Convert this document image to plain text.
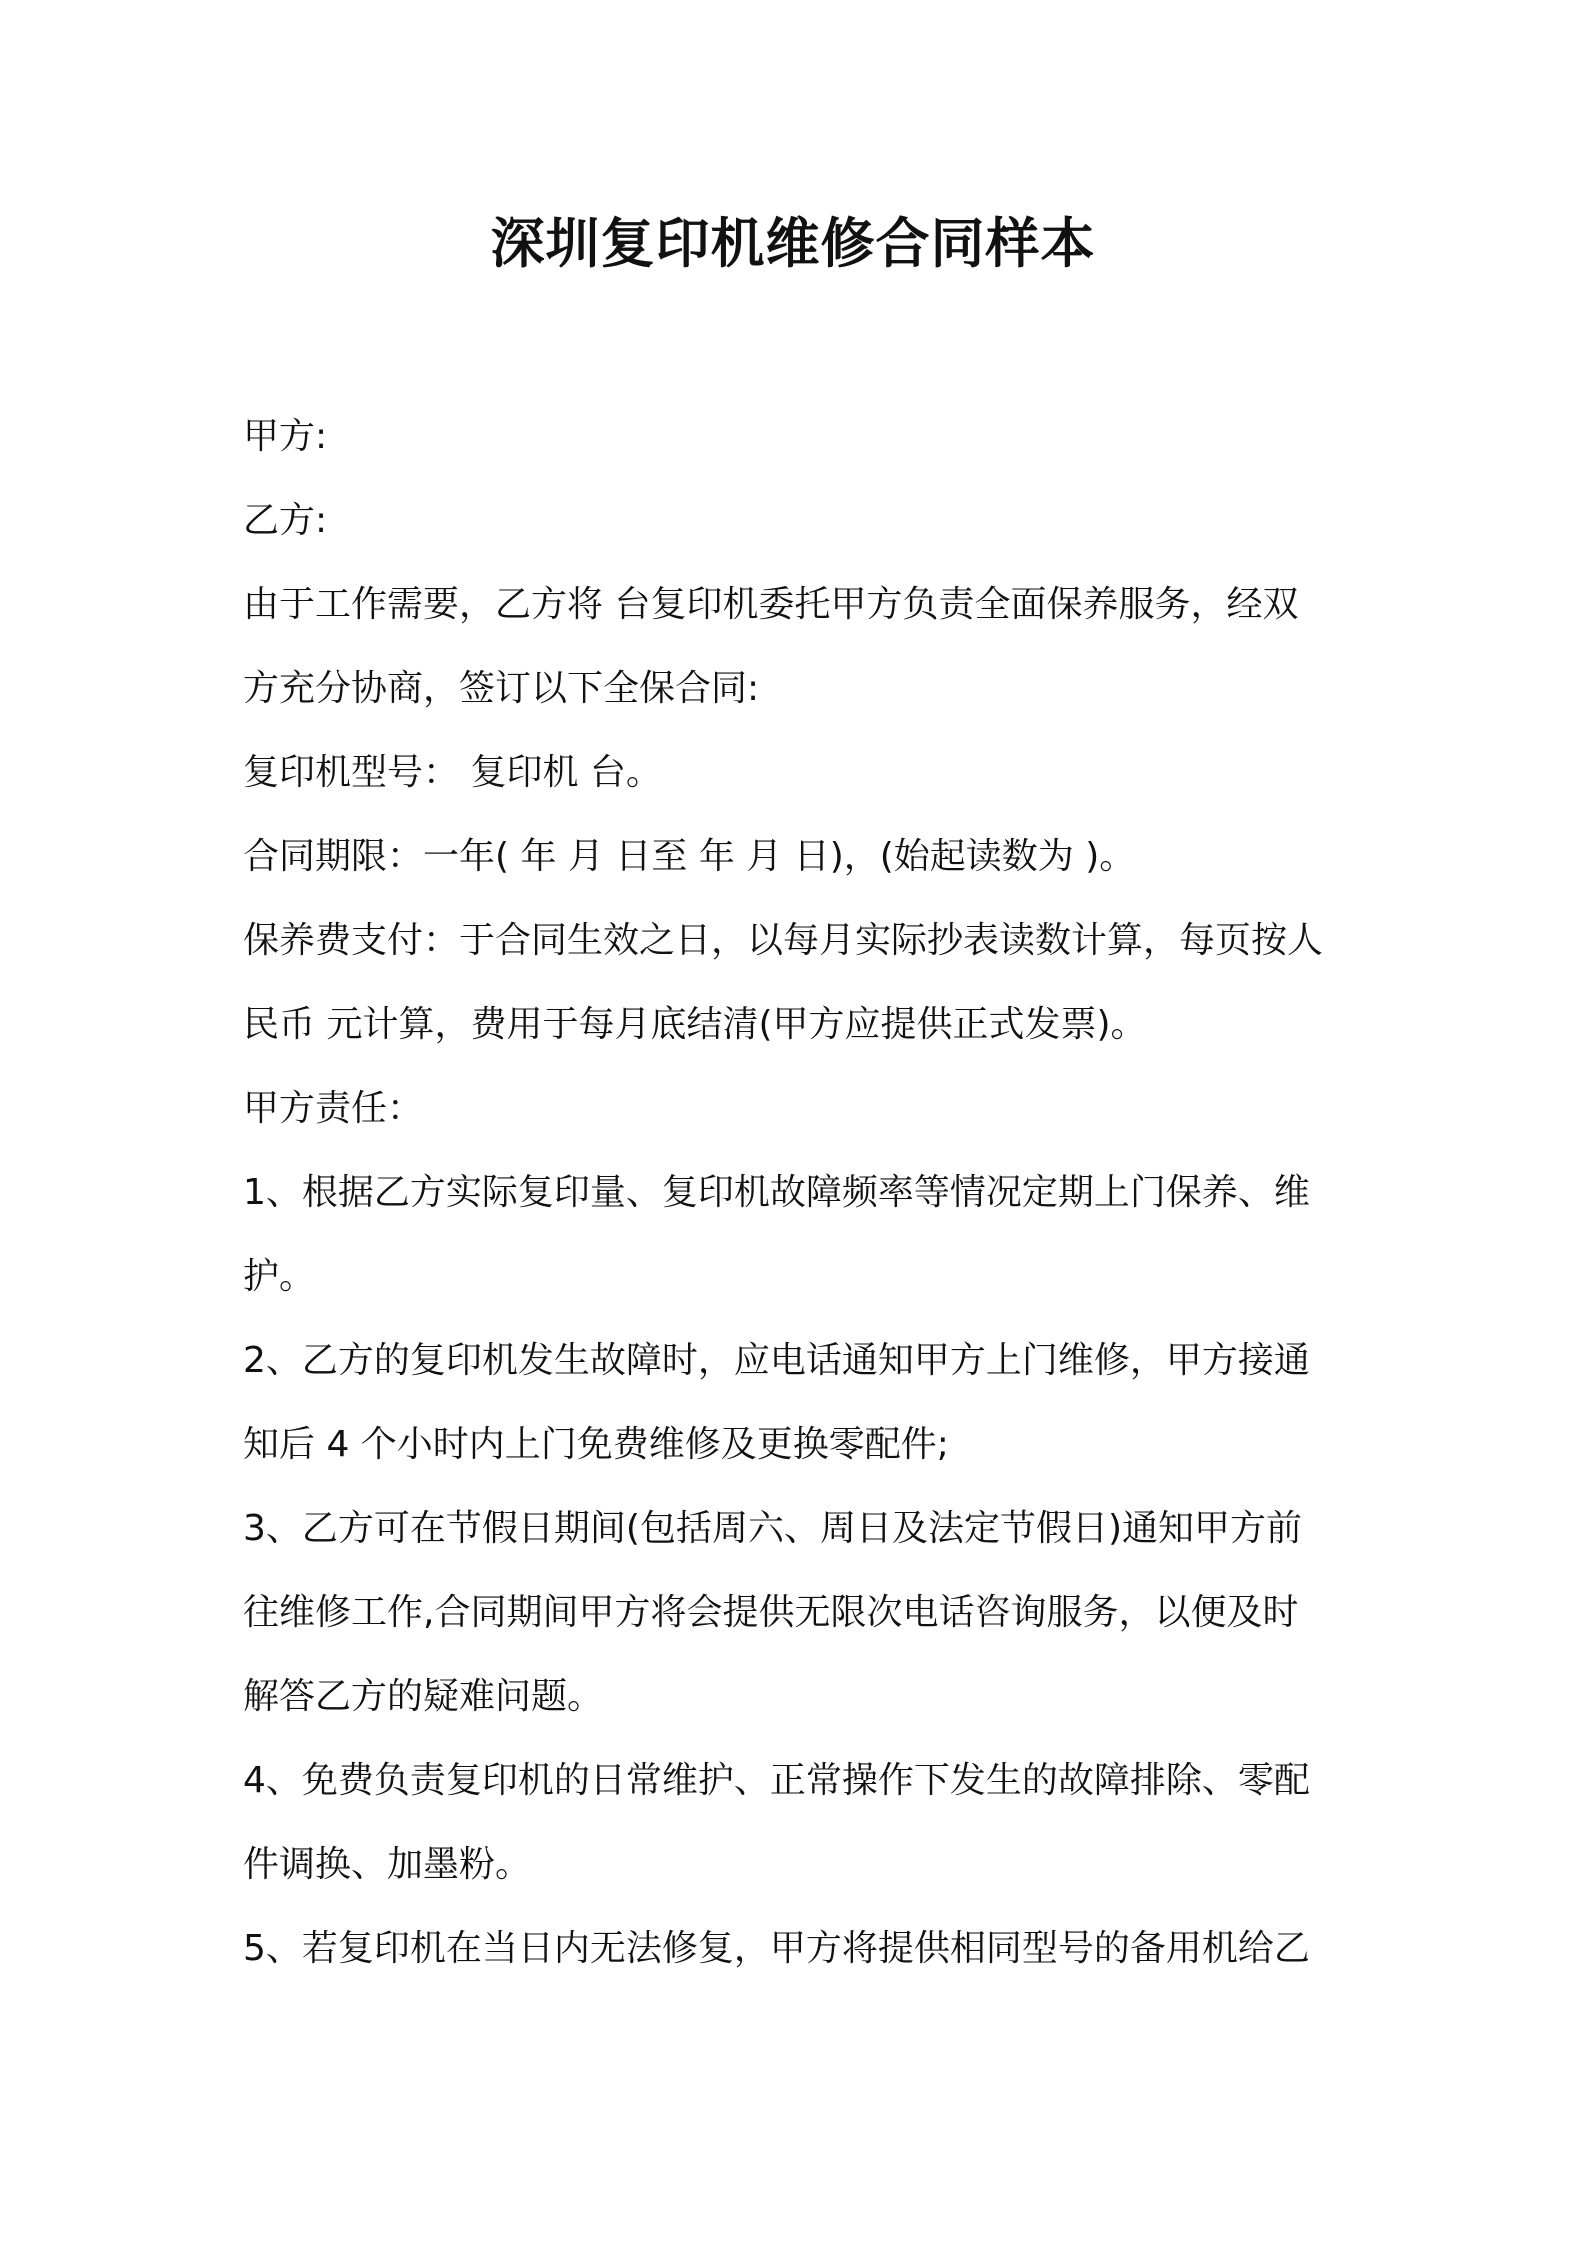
深圳复印机维修合同样本
甲方:
乙方:
由于工作需要，乙方将 台复印机委托甲方负责全面保养服务，经双
方充分协商，签订以下全保合同:
复印机型号： 复印机 台。
合同期限：一年( 年 月 日至 年 月 日)，(始起读数为 )。
保养费支付：于合同生效之日，以每月实际抄表读数计算，每页按人
民币 元计算，费用于每月底结清(甲方应提供正式发票)。
甲方责任：
1、根据乙方实际复印量、复印机故障频率等情况定期上门保养、维
护。
2、乙方的复印机发生故障时，应电话通知甲方上门维修，甲方接通
知后 4 个小时内上门免费维修及更换零配件;
3、乙方可在节假日期间(包括周六、周日及法定节假日)通知甲方前
往维修工作,合同期间甲方将会提供无限次电话咨询服务，以便及时
解答乙方的疑难问题。
4、免费负责复印机的日常维护、正常操作下发生的故障排除、零配
件调换、加墨粉。
5、若复印机在当日内无法修复，甲方将提供相同型号的备用机给乙
